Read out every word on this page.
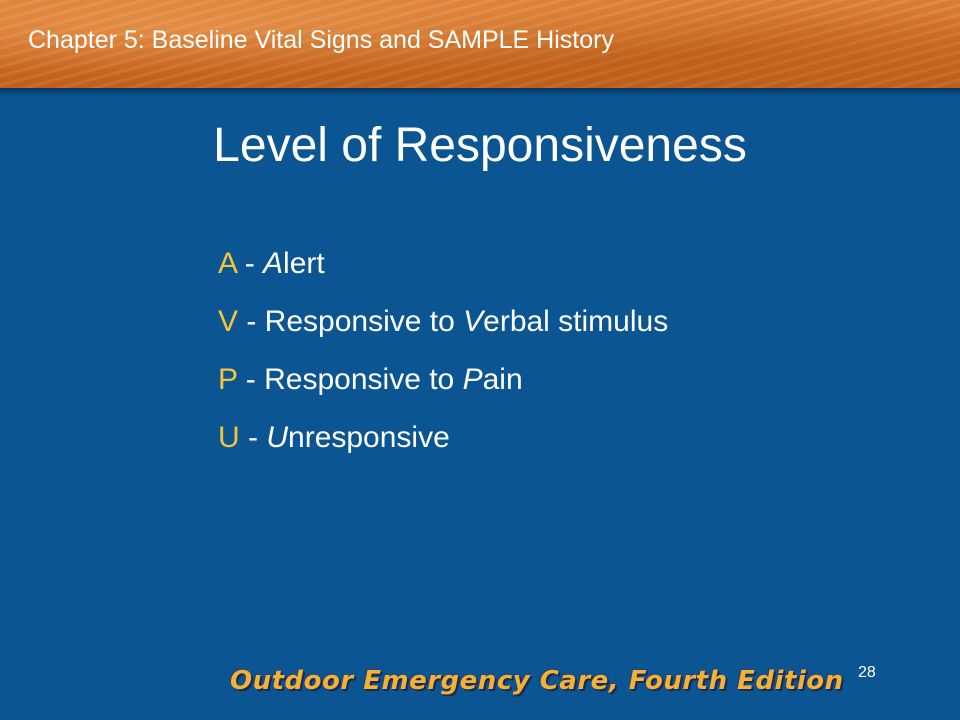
Chapter 5: Baseline Vital Signs and SAMPLE History
Level of Responsiveness
A - Alert
V - Responsive to Verbal stimulus
P - Responsive to Pain
U - Unresponsive
Outdoor Emergency Care, Fourth Edition 28
